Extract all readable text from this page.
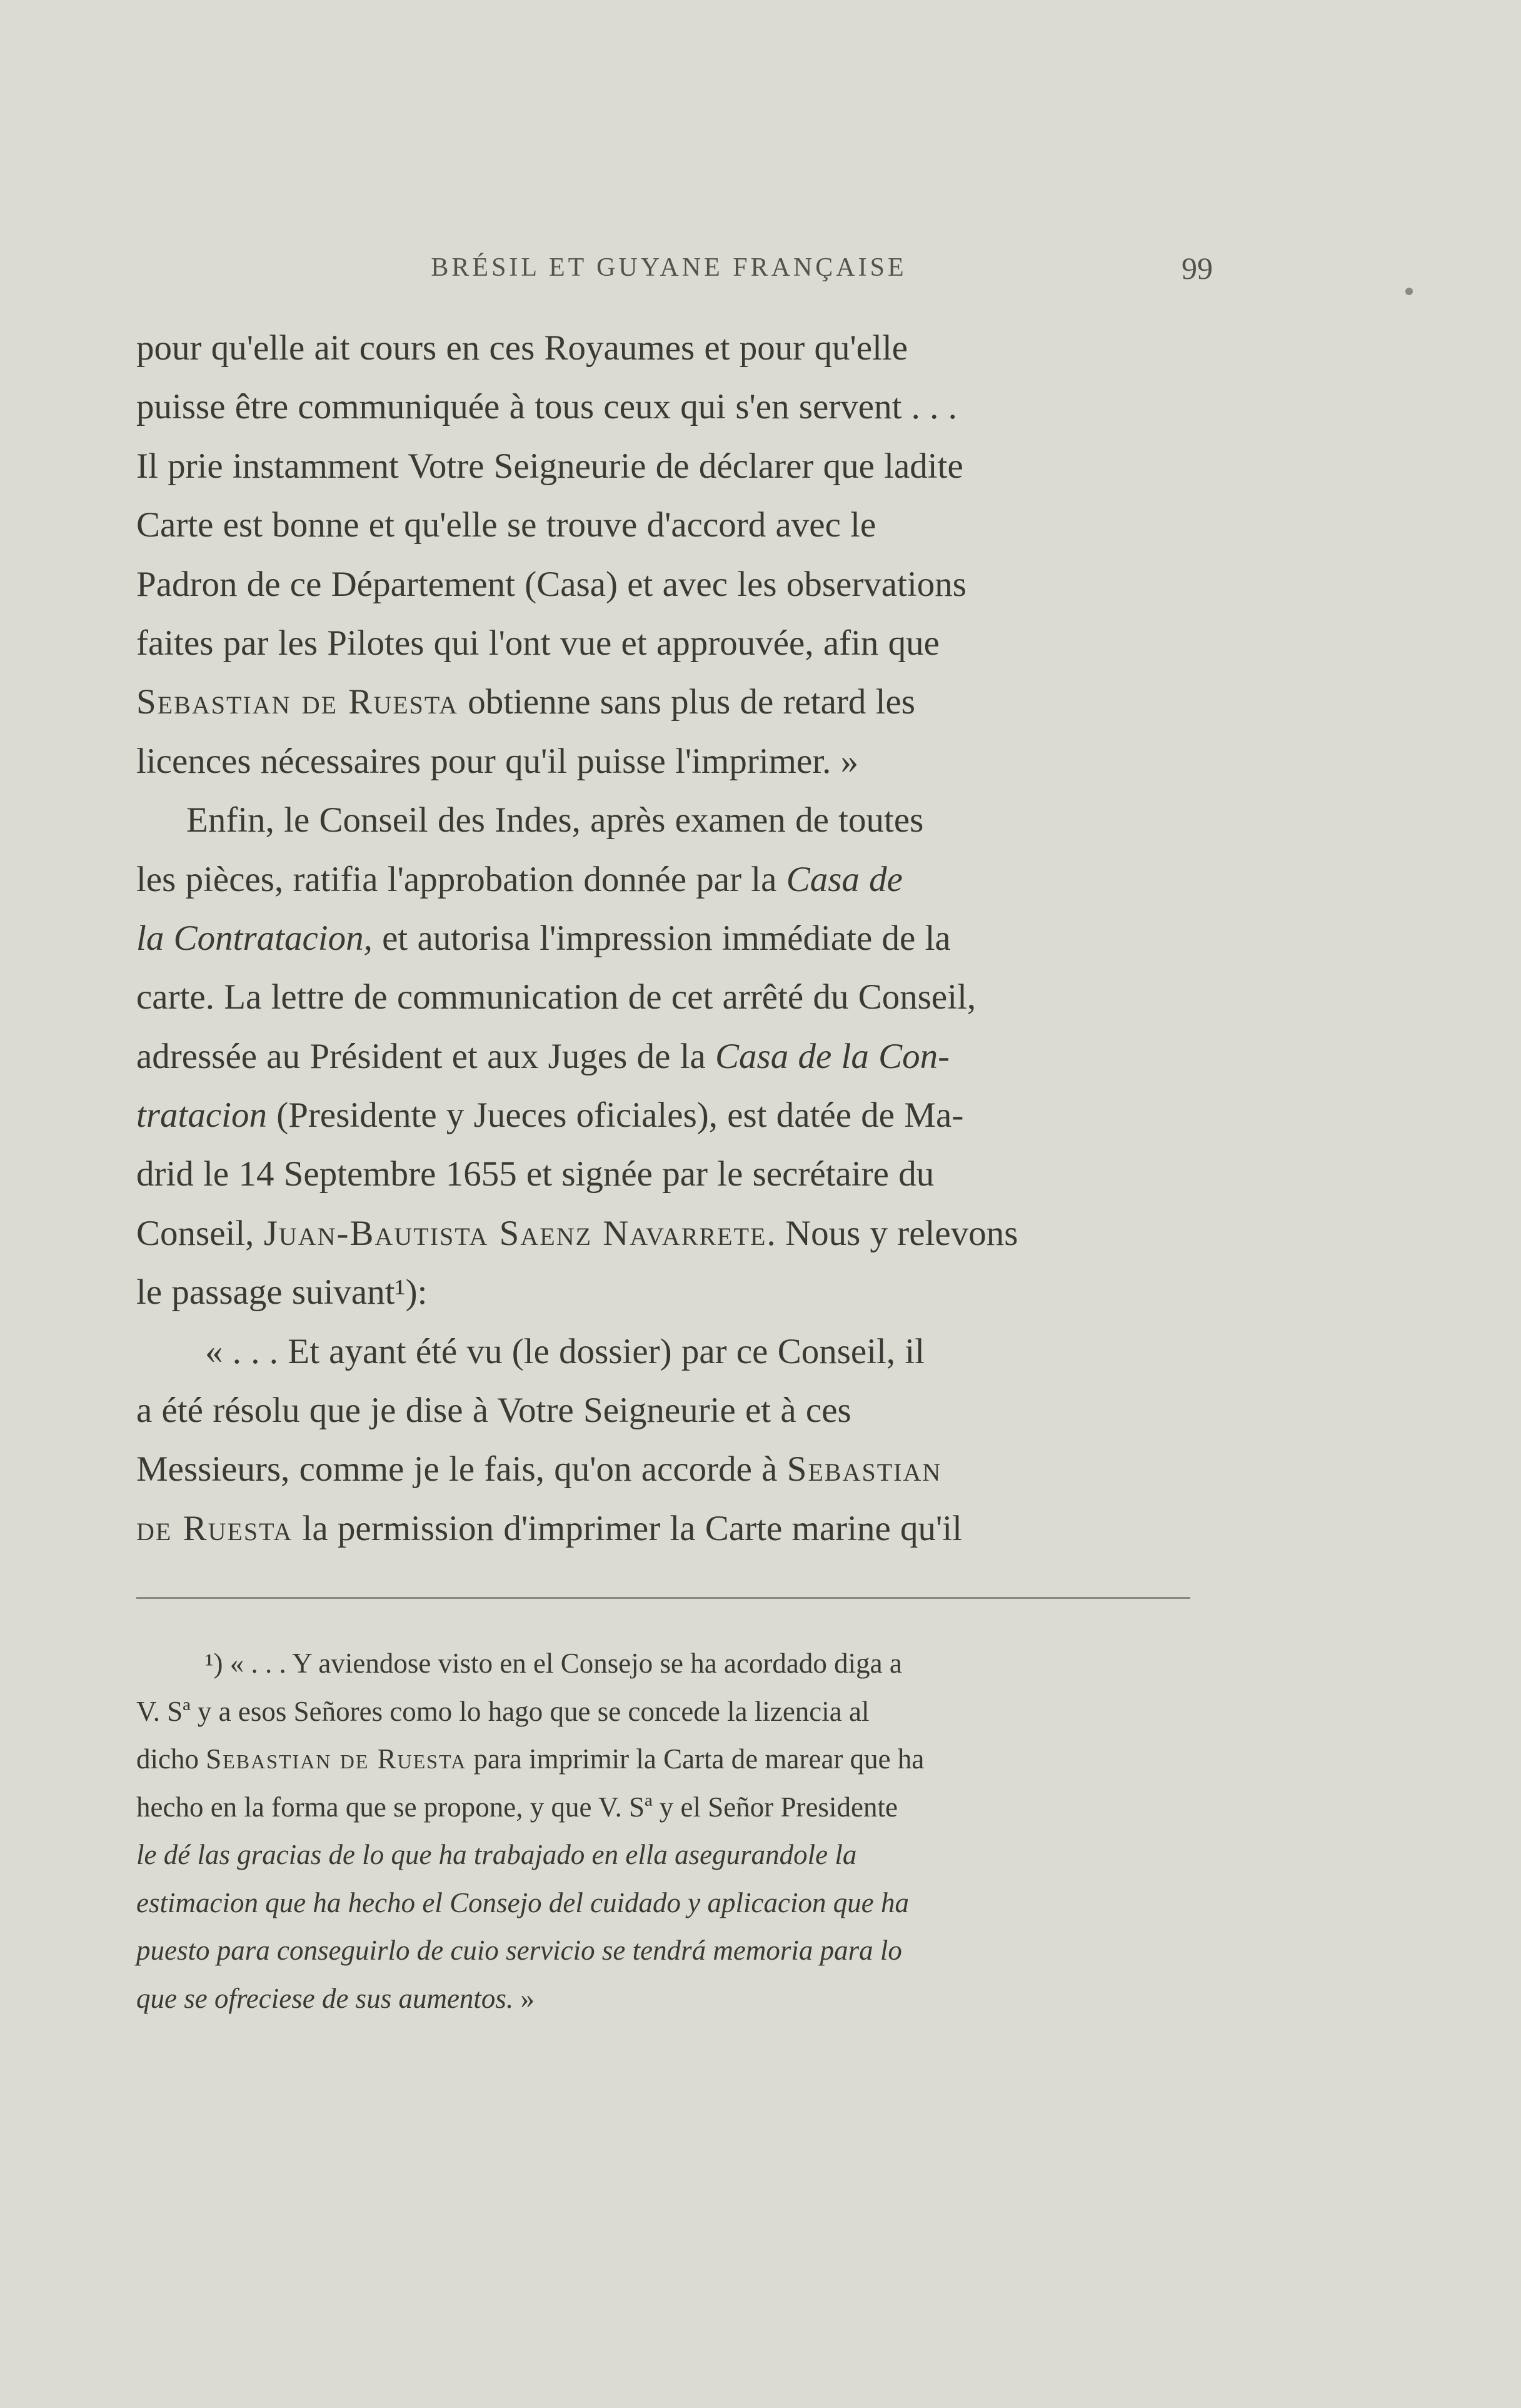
BRÉSIL ET GUYANE FRANÇAISE	99
pour qu'elle ait cours en ces Royaumes et pour qu'elle
puisse être communiquée à tous ceux qui s'en servent . . .
Il prie instamment Votre Seigneurie de déclarer que ladite
Carte est bonne et qu'elle se trouve d'accord avec le
Padron de ce Département (Casa) et avec les observations
faites par les Pilotes qui l'ont vue et approuvée, afin que
Sebastian de Ruesta obtienne sans plus de retard les
licences nécessaires pour qu'il puisse l'imprimer. »
Enfin, le Conseil des Indes, après examen de toutes
les pièces, ratifia l'approbation donnée par la Casa de
la Contratacion, et autorisa l'impression immédiate de la
carte. La lettre de communication de cet arrêté du Conseil,
adressée au Président et aux Juges de la Casa de la Con-
tratacion (Presidente y Jueces oficiales), est datée de Ma-
drid le 14 Septembre 1655 et signée par le secrétaire du
Conseil, Juan-Bautista Saenz Navarrete. Nous y relevons
le passage suivant¹):
« . . . Et ayant été vu (le dossier) par ce Conseil, il
a été résolu que je dise à Votre Seigneurie et à ces
Messieurs, comme je le fais, qu'on accorde à Sebastian
de Ruesta la permission d'imprimer la Carte marine qu'il
¹) « . . . Y aviendose visto en el Consejo se ha acordado diga a
V. Sª y a esos Señores como lo hago que se concede la lizencia al
dicho Sebastian de Ruesta para imprimir la Carta de marear que ha
hecho en la forma que se propone, y que V. Sª y el Señor Presidente
le dé las gracias de lo que ha trabajado en ella asegurandole la
estimacion que ha hecho el Consejo del cuidado y aplicacion que ha
puesto para conseguirlo de cuio servicio se tendrá memoria para lo
que se ofreciese de sus aumentos. »
